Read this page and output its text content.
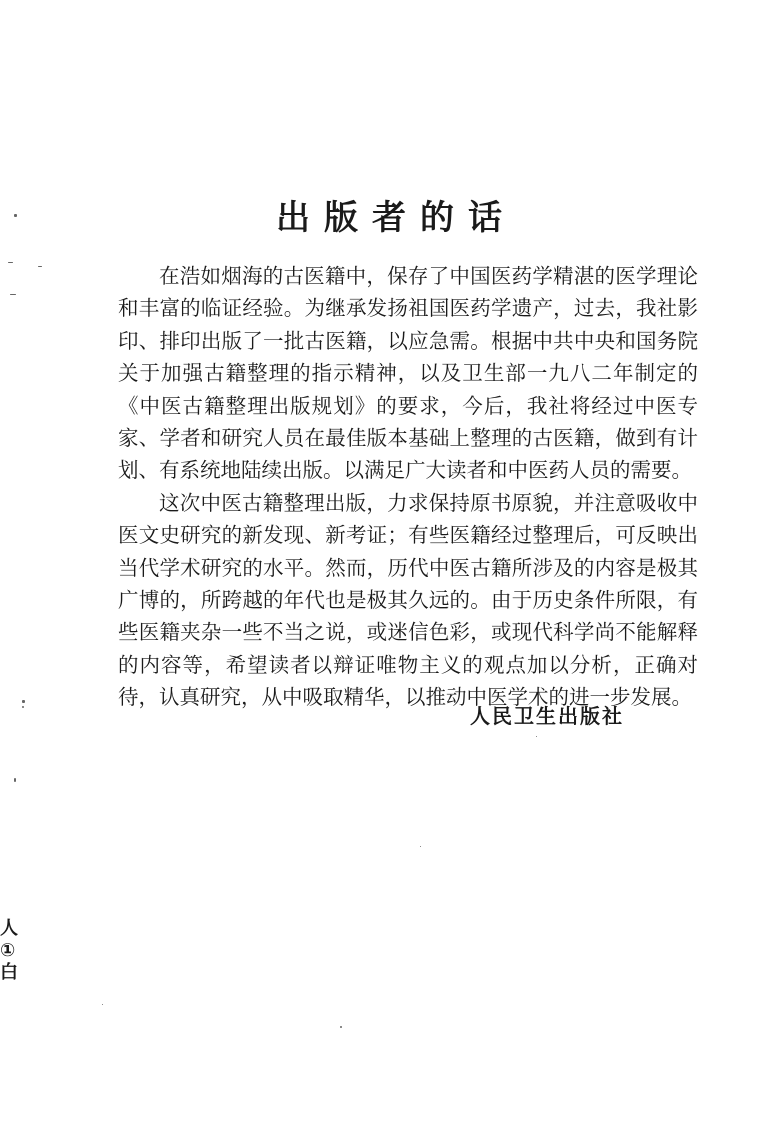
出版者的话

在浩如烟海的古医籍中，保存了中国医药学精湛的医学理论和丰富的临证经验。为继承发扬祖国医药学遗产，过去，我社影印、排印出版了一批古医籍，以应急需。根据中共中央和国务院关于加强古籍整理的指示精神，以及卫生部一九八二年制定的《中医古籍整理出版规划》的要求，今后，我社将经过中医专家、学者和研究人员在最佳版本基础上整理的古医籍，做到有计划、有系统地陆续出版。以满足广大读者和中医药人员的需要。

这次中医古籍整理出版，力求保持原书原貌，并注意吸收中医文史研究的新发现、新考证；有些医籍经过整理后，可反映出当代学术研究的水平。然而，历代中医古籍所涉及的内容是极其广博的，所跨越的年代也是极其久远的。由于历史条件所限，有些医籍夹杂一些不当之说，或迷信色彩，或现代科学尚不能解释的内容等，希望读者以辩证唯物主义的观点加以分析，正确对待，认真研究，从中吸取精华，以推动中医学术的进一步发展。

人民卫生出版社
人
①
白
